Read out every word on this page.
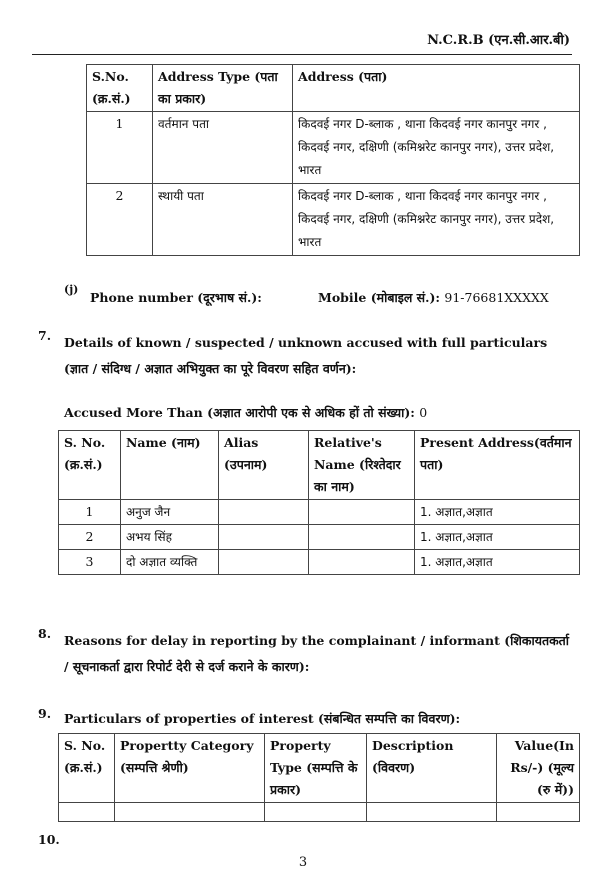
N.C.R.B (एन.सी.आर.बी)
S.No. (क्र.सं.)	Address Type (पता का प्रकार)	Address (पता)
1	वर्तमान पता	किदवई नगर D-ब्लाक , थाना किदवई नगर कानपुर नगर , किदवई नगर, दक्षिणी (कमिश्नरेट कानपुर नगर), उत्तर प्रदेश, भारत
2	स्थायी पता	किदवई नगर D-ब्लाक , थाना किदवई नगर कानपुर नगर , किदवई नगर, दक्षिणी (कमिश्नरेट कानपुर नगर), उत्तर प्रदेश, भारत
(j)
Phone number (दूरभाष सं.):	Mobile (मोबाइल सं.): 91-76681XXXXX
7. Details of known / suspected / unknown accused with full particulars (ज्ञात / संदिग्ध / अज्ञात अभियुक्त का पूरे विवरण सहित वर्णन):
Accused More Than (अज्ञात आरोपी एक से अधिक हों तो संख्या): 0
S. No. (क्र.सं.)	Name (नाम)	Alias (उपनाम)	Relative's Name (रिश्तेदार का नाम)	Present Address(वर्तमान पता)
1	अनुज जैन			1. अज्ञात,अज्ञात
2	अभय सिंह			1. अज्ञात,अज्ञात
3	दो अज्ञात व्यक्ति			1. अज्ञात,अज्ञात
8. Reasons for delay in reporting by the complainant / informant (शिकायतकर्ता / सूचनाकर्ता द्वारा रिपोर्ट देरी से दर्ज कराने के कारण):
9. Particulars of properties of interest (संबन्धित सम्पत्ति का विवरण):
S. No. (क्र.सं.)	Propertty Category (सम्पत्ति श्रेणी)	Property Type (सम्पत्ति के प्रकार)	Description (विवरण)	Value(In Rs/-) (मूल्य (रु में))

10.
3
